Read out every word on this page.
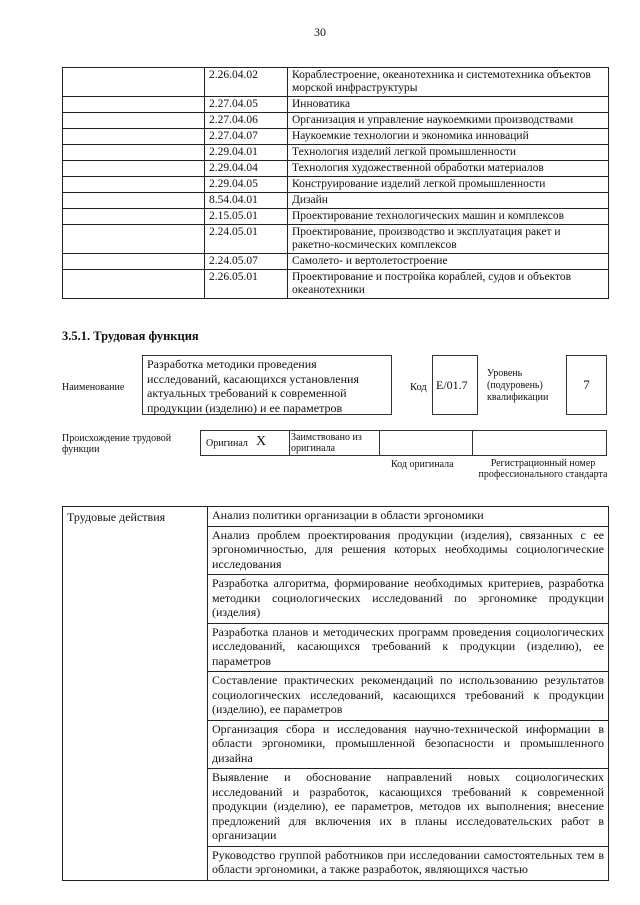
30
	2.26.04.02	Кораблестроение, океанотехника и системотехника объектов морской инфраструктуры
	2.27.04.05	Инноватика
	2.27.04.06	Организация и управление наукоемкими производствами
	2.27.04.07	Наукоемкие технологии и экономика инноваций
	2.29.04.01	Технология изделий легкой промышленности
	2.29.04.04	Технология художественной обработки материалов
	2.29.04.05	Конструирование изделий легкой промышленности
	8.54.04.01	Дизайн
	2.15.05.01	Проектирование технологических машин и комплексов
	2.24.05.01	Проектирование, производство и эксплуатация ракет и ракетно-космических комплексов
	2.24.05.07	Самолето- и вертолетостроение
	2.26.05.01	Проектирование и постройка кораблей, судов и объектов океанотехники
3.5.1. Трудовая функция
Наименование
Разработка методики проведения исследований, касающихся установления актуальных требований к современной продукции (изделию) и ее параметров
Код E/01.7
Уровень (подуровень) квалификации
7
Происхождение трудовой функции
Оригинал X Заимствовано из оригинала
Код оригинала	Регистрационный номер профессионального стандарта
Трудовые действия	Анализ политики организации в области эргономики
Анализ проблем проектирования продукции (изделия), связанных с ее эргономичностью, для решения которых необходимы социологические исследования
Разработка алгоритма, формирование необходимых критериев, разработка методики социологических исследований по эргономике продукции (изделия)
Разработка планов и методических программ проведения социологических исследований, касающихся требований к продукции (изделию), ее параметров
Составление практических рекомендаций по использованию результатов социологических исследований, касающихся требований к продукции (изделию), ее параметров
Организация сбора и исследования научно-технической информации в области эргономики, промышленной безопасности и промышленного дизайна
Выявление и обоснование направлений новых социологических исследований и разработок, касающихся требований к современной продукции (изделию), ее параметров, методов их выполнения; внесение предложений для включения их в планы исследовательских работ в организации
Руководство группой работников при исследовании самостоятельных тем в области эргономики, а также разработок, являющихся частью
